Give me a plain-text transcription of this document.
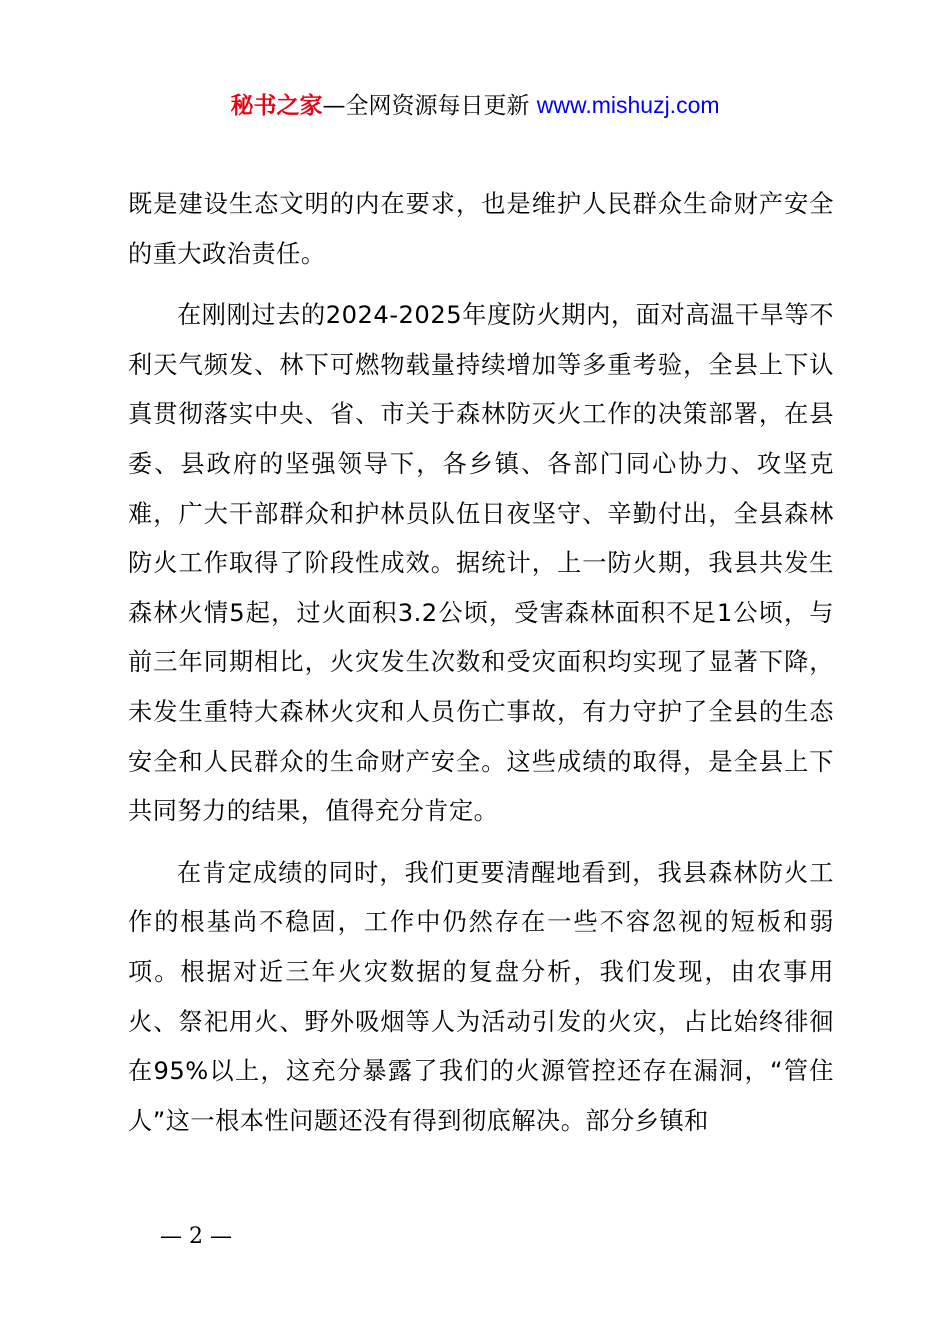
秘书之家—全网资源每日更新 www.mishuzj.com

既是建设生态文明的内在要求，也是维护人民群众生命财产安全的重大政治责任。

在刚刚过去的2024-2025年度防火期内，面对高温干旱等不利天气频发、林下可燃物载量持续增加等多重考验，全县上下认真贯彻落实中央、省、市关于森林防灭火工作的决策部署，在县委、县政府的坚强领导下，各乡镇、各部门同心协力、攻坚克难，广大干部群众和护林员队伍日夜坚守、辛勤付出，全县森林防火工作取得了阶段性成效。据统计，上一防火期，我县共发生森林火情5起，过火面积3.2公顷，受害森林面积不足1公顷，与前三年同期相比，火灾发生次数和受灾面积均实现了显著下降，未发生重特大森林火灾和人员伤亡事故，有力守护了全县的生态安全和人民群众的生命财产安全。这些成绩的取得，是全县上下共同努力的结果，值得充分肯定。

在肯定成绩的同时，我们更要清醒地看到，我县森林防火工作的根基尚不稳固，工作中仍然存在一些不容忽视的短板和弱项。根据对近三年火灾数据的复盘分析，我们发现，由农事用火、祭祀用火、野外吸烟等人为活动引发的火灾，占比始终徘徊在95%以上，这充分暴露了我们的火源管控还存在漏洞，“管住人”这一根本性问题还没有得到彻底解决。部分乡镇和

— 2 —
